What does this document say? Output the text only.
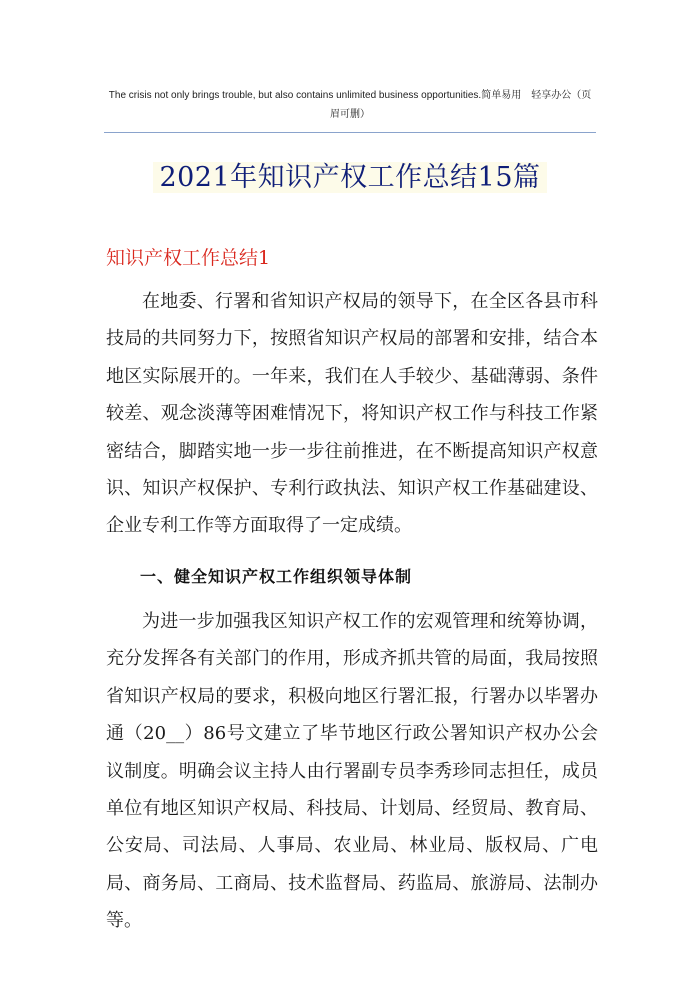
The crisis not only brings trouble, but also contains unlimited business opportunities.简单易用　轻享办公（页眉可删）
2021年知识产权工作总结15篇
知识产权工作总结1

在地委、行署和省知识产权局的领导下，在全区各县市科技局的共同努力下，按照省知识产权局的部署和安排，结合本地区实际展开的。一年来，我们在人手较少、基础薄弱、条件较差、观念淡薄等困难情况下，将知识产权工作与科技工作紧密结合，脚踏实地一步一步往前推进，在不断提高知识产权意识、知识产权保护、专利行政执法、知识产权工作基础建设、企业专利工作等方面取得了一定成绩。

一、健全知识产权工作组织领导体制

为进一步加强我区知识产权工作的宏观管理和统筹协调，充分发挥各有关部门的作用，形成齐抓共管的局面，我局按照省知识产权局的要求，积极向地区行署汇报，行署办以毕署办通（20__）86号文建立了毕节地区行政公署知识产权办公会议制度。明确会议主持人由行署副专员李秀珍同志担任，成员单位有地区知识产权局、科技局、计划局、经贸局、教育局、公安局、司法局、人事局、农业局、林业局、版权局、广电局、商务局、工商局、技术监督局、药监局、旅游局、法制办等。
